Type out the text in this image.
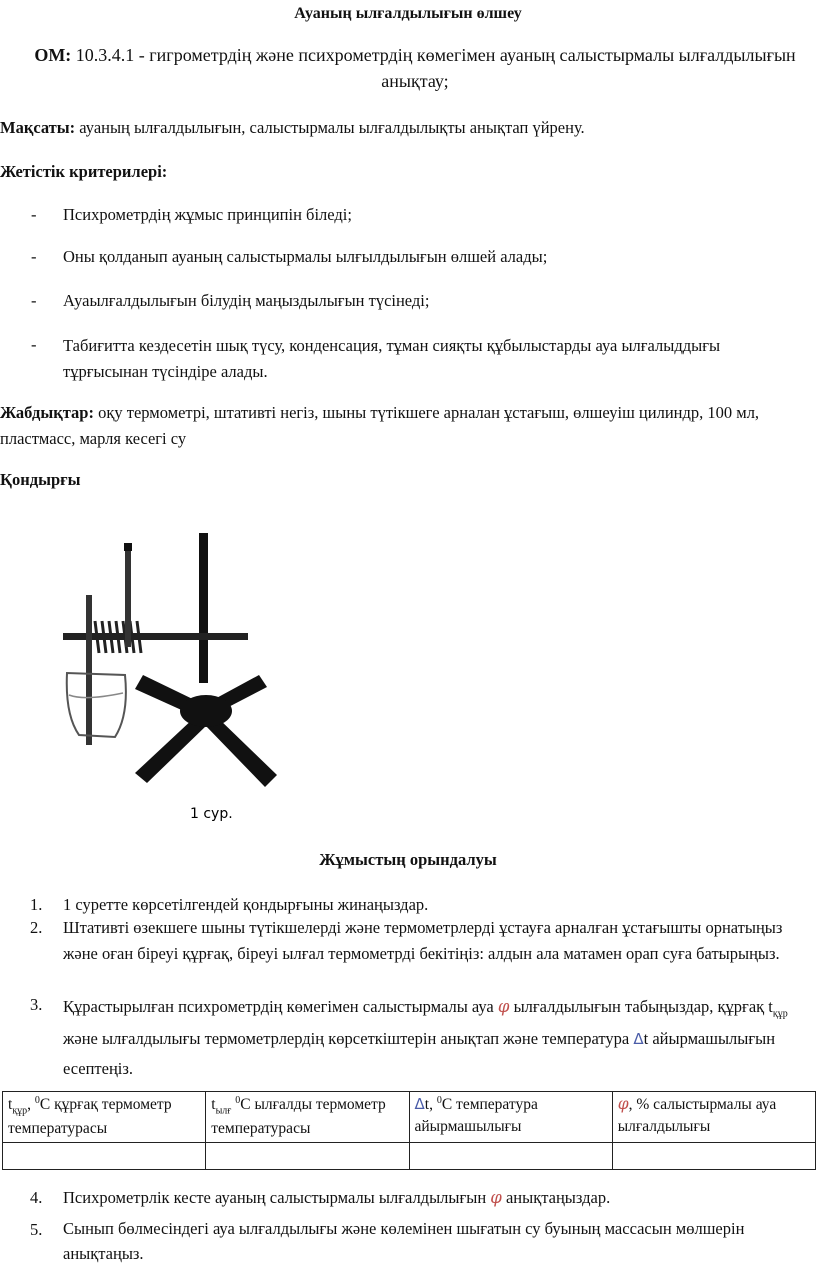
Ауаның ылғалдылығын өлшеу
ОМ: 10.3.4.1 - гигрометрдің және психрометрдің көмегімен ауаның салыстырмалы ылғалдылығын анықтау;
Мақсаты: ауаның ылғалдылығын, салыстырмалы ылғалдылықты анықтап үйрену.
Жетістік критерилері:
- Психрометрдің жұмыс принципін біледі;
- Оны қолданып ауаның салыстырмалы ылғылдылығын өлшей алады;
- Ауаылғалдылығын білудің маңыздылығын түсінеді;
- Табиғитта кездесетін шық түсу, конденсация, тұман сияқты құбылыстарды ауа ылғалыддығы тұрғысынан түсіндіре алады.
Жабдықтар: оқу термометрі, штативті негіз, шыны түтікшеге арналан ұстағыш, өлшеуіш цилиндр, 100 мл, пластмасс, марля кесегі су
Қондырғы
1 сур.
Жұмыстың орындалуы
1. 1 суретте көрсетілгендей қондырғыны жинаңыздар.
2. Штативті өзекшеге шыны түтікшелерді және термометрлерді ұстауға арналған ұстағышты орнатыңыз және оған біреуі құрғақ, біреуі ылғал термометрді бекітіңіз: алдын ала матамен орап суға батырыңыз.
3. Құрастырылған психрометрдің көмегімен салыстырмалы ауа φ ылғалдылығын табыңыздар, құрғақ $t_{құр}$ және ылғалдылығы термометрлердің көрсеткіштерін анықтап және температура Δt айырмашылығын есептеңіз.
$t_{құр}$, $^0$С құрғақ термометр температурасы	$t_{ылғ}$ $^0$С ылғалды термометр температурасы	Δt, $^0$С температура айырмашылығы	φ, % салыстырмалы ауа ылғалдылығы

4. Психрометрлік кесте ауаның салыстырмалы ылғалдылығын φ анықтаңыздар.
5. Сынып бөлмесіндегі ауа ылғалдылығы және көлемінен шығатын су буының массасын мөлшерін анықтаңыз.
